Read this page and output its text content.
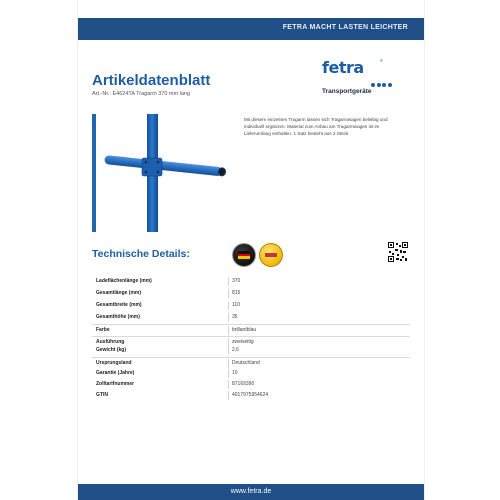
FETRA MACHT LASTEN LEICHTER
Artikeldatenblatt
Art.-Nr.: E4624TA Tragarm 370 mm lang
fetra	®
Transportgeräte
Mit diesem einzelnen Tragarm lassen sich Tragarmwagen beliebig und individuell ergänzen. Material zum Anbau am Tragarmwagen ist im Lieferumfang enthalten. 1 Satz besteht aus 2 Stück.
Technische Details:
Ladeflächenlänge (mm)	370
Gesamtlänge (mm)	815
Gesamtbreite (mm)	110
Gesamthöhe (mm)	35
Farbe	brillantblau
Ausführung	zweiseitig
Gewicht (kg)	2,6
Ursprungsland	Deutschland
Garantie (Jahre)	10
Zolltarifnummer	87169390
GTIN	4017975954624
www.fetra.de
